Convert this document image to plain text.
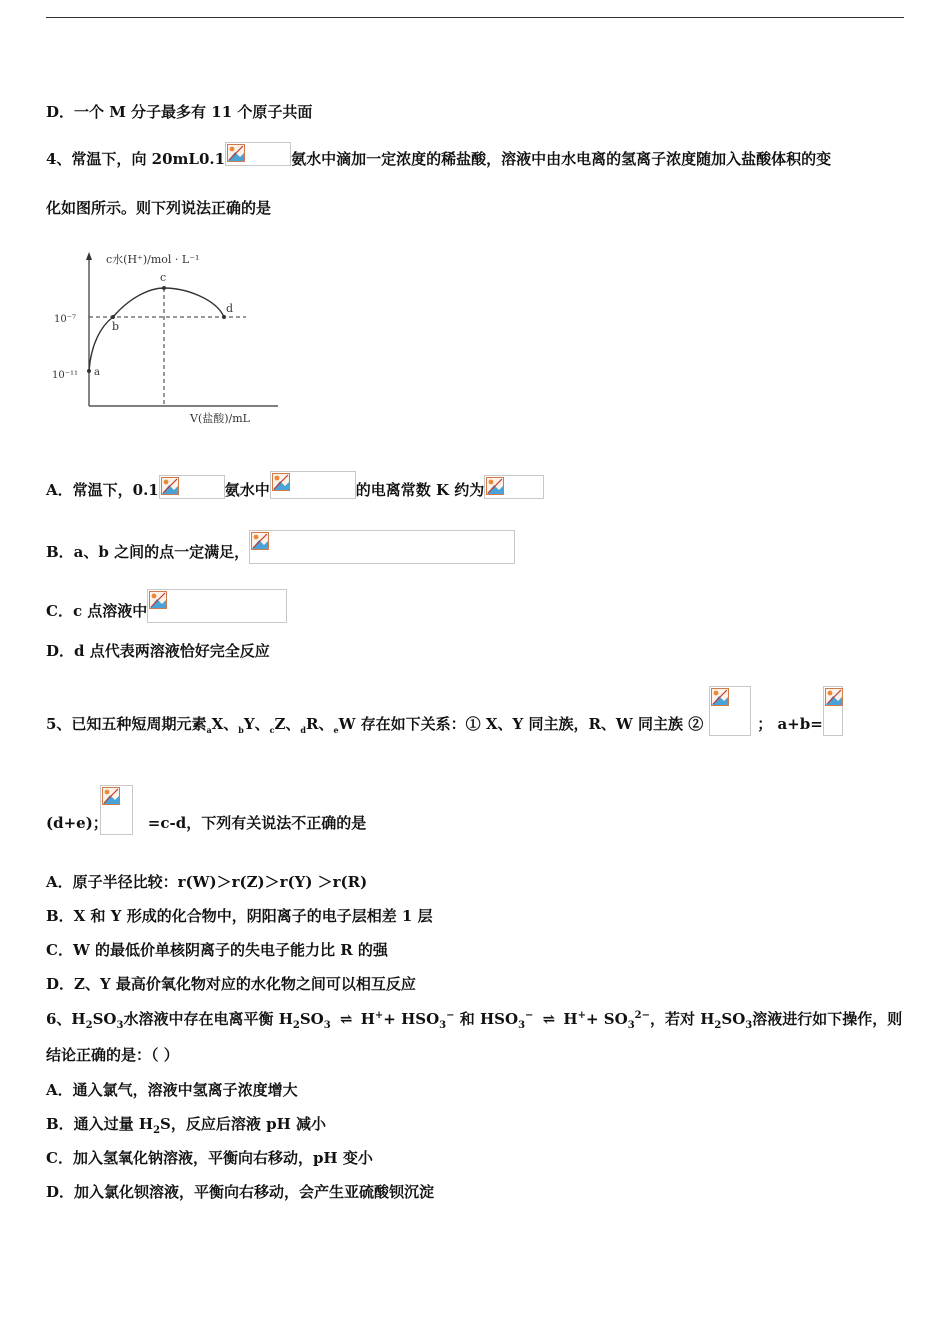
D．一个 M 分子最多有 11 个原子共面
4、常温下，向 20mL0.1	氨水中滴加一定浓度的稀盐酸，溶液中由水电离的氢离子浓度随加入盐酸体积的变
化如图所示。则下列说法正确的是
c水(H⁺)/mol · L⁻¹
V(盐酸)/mL
10⁻⁷
10⁻¹¹ a
b
c
d
A．常温下，0.1	氨水中	的电离常数 K 约为
B．a、b 之间的点一定满足，
C．c 点溶液中
D．d 点代表两溶液恰好完全反应
5、已知五种短周期元素$_a$X、$_b$Y、$_c$Z、$_d$R、$_e$W 存在如下关系：① X、Y 同主族，R、W 同主族 ②	； a+b=
(d+e)；	=c-d，下列有关说法不正确的是
A．原子半径比较：r(W)＞r(Z)＞r(Y) ＞r(R)
B．X 和 Y 形成的化合物中，阴阳离子的电子层相差 1 层
C．W 的最低价单核阴离子的失电子能力比 R 的强
D．Z、Y 最高价氧化物对应的水化物之间可以相互反应
6、$H_2SO_3$水溶液中存在电离平衡 $H_2SO_3$ ⇌ $H^++ HSO_3^-$ 和 $HSO_3^-$ ⇌ $H^++ SO_3^{2-}$，若对 $H_2SO_3$溶液进行如下操作，则
结论正确的是：（ ）
A．通入氯气，溶液中氢离子浓度增大
B．通入过量 $H_2S$，反应后溶液 pH 减小
C．加入氢氧化钠溶液，平衡向右移动，pH 变小
D．加入氯化钡溶液，平衡向右移动，会产生亚硫酸钡沉淀
